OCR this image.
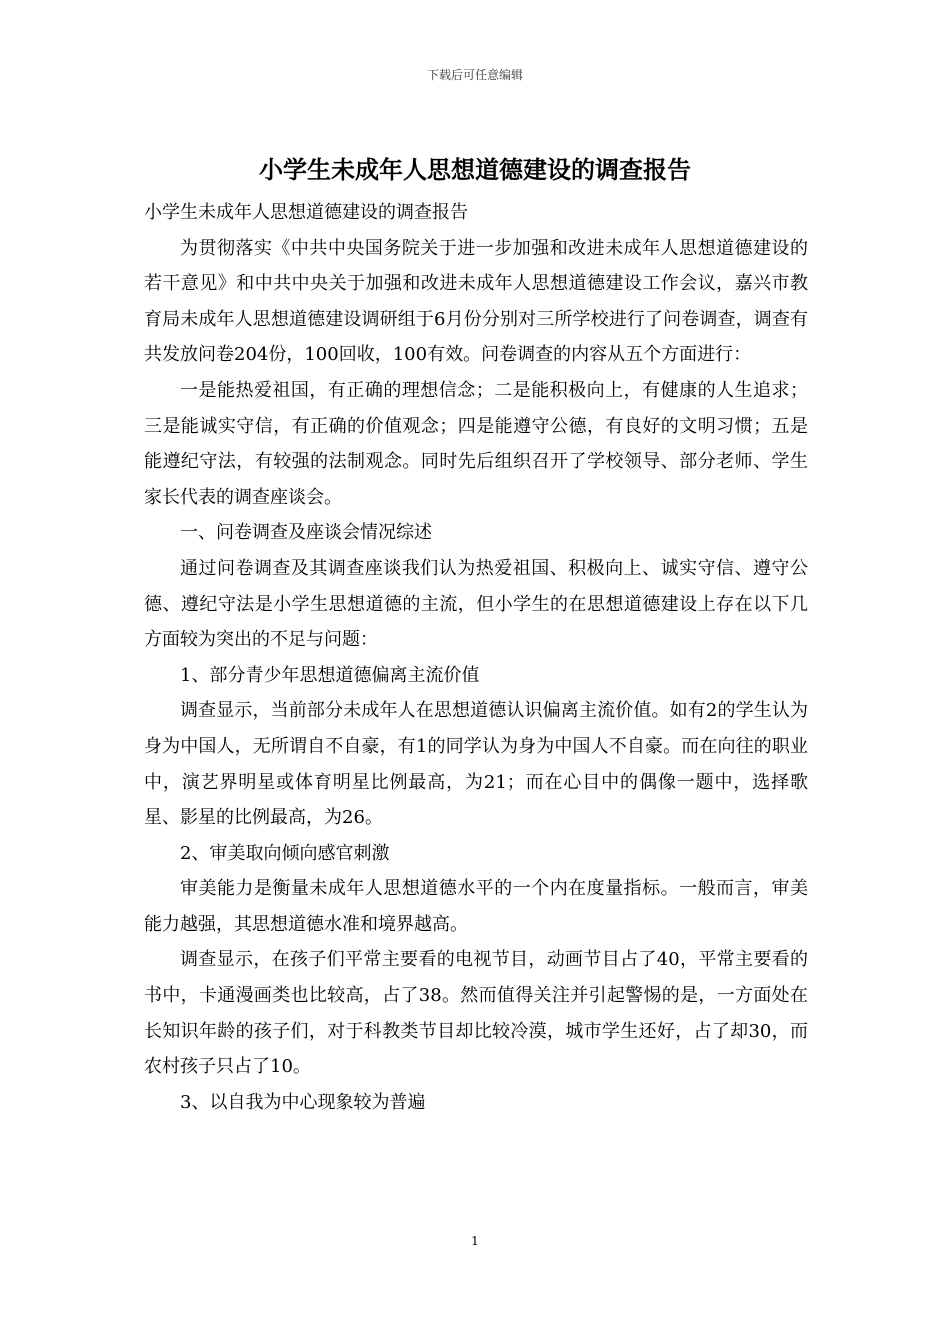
下载后可任意编辑
小学生未成年人思想道德建设的调查报告

小学生未成年人思想道德建设的调查报告

为贯彻落实《中共中央国务院关于进一步加强和改进未成年人思想道德建设的若干意见》和中共中央关于加强和改进未成年人思想道德建设工作会议，嘉兴市教育局未成年人思想道德建设调研组于6月份分别对三所学校进行了问卷调查，调查有共发放问卷204份，100回收，100有效。问卷调查的内容从五个方面进行：

一是能热爱祖国，有正确的理想信念；二是能积极向上，有健康的人生追求；三是能诚实守信，有正确的价值观念；四是能遵守公德，有良好的文明习惯；五是能遵纪守法，有较强的法制观念。同时先后组织召开了学校领导、部分老师、学生家长代表的调查座谈会。

一、问卷调查及座谈会情况综述

通过问卷调查及其调查座谈我们认为热爱祖国、积极向上、诚实守信、遵守公德、遵纪守法是小学生思想道德的主流，但小学生的在思想道德建设上存在以下几方面较为突出的不足与问题：

1、部分青少年思想道德偏离主流价值

调查显示，当前部分未成年人在思想道德认识偏离主流价值。如有2的学生认为身为中国人，无所谓自不自豪，有1的同学认为身为中国人不自豪。而在向往的职业中，演艺界明星或体育明星比例最高，为21；而在心目中的偶像一题中，选择歌星、影星的比例最高，为26。

2、审美取向倾向感官刺激

审美能力是衡量未成年人思想道德水平的一个内在度量指标。一般而言，审美能力越强，其思想道德水准和境界越高。

调查显示，在孩子们平常主要看的电视节目，动画节目占了40，平常主要看的书中，卡通漫画类也比较高，占了38。然而值得关注并引起警惕的是，一方面处在长知识年龄的孩子们，对于科教类节目却比较冷漠，城市学生还好，占了却30，而农村孩子只占了10。

3、以自我为中心现象较为普遍

1
